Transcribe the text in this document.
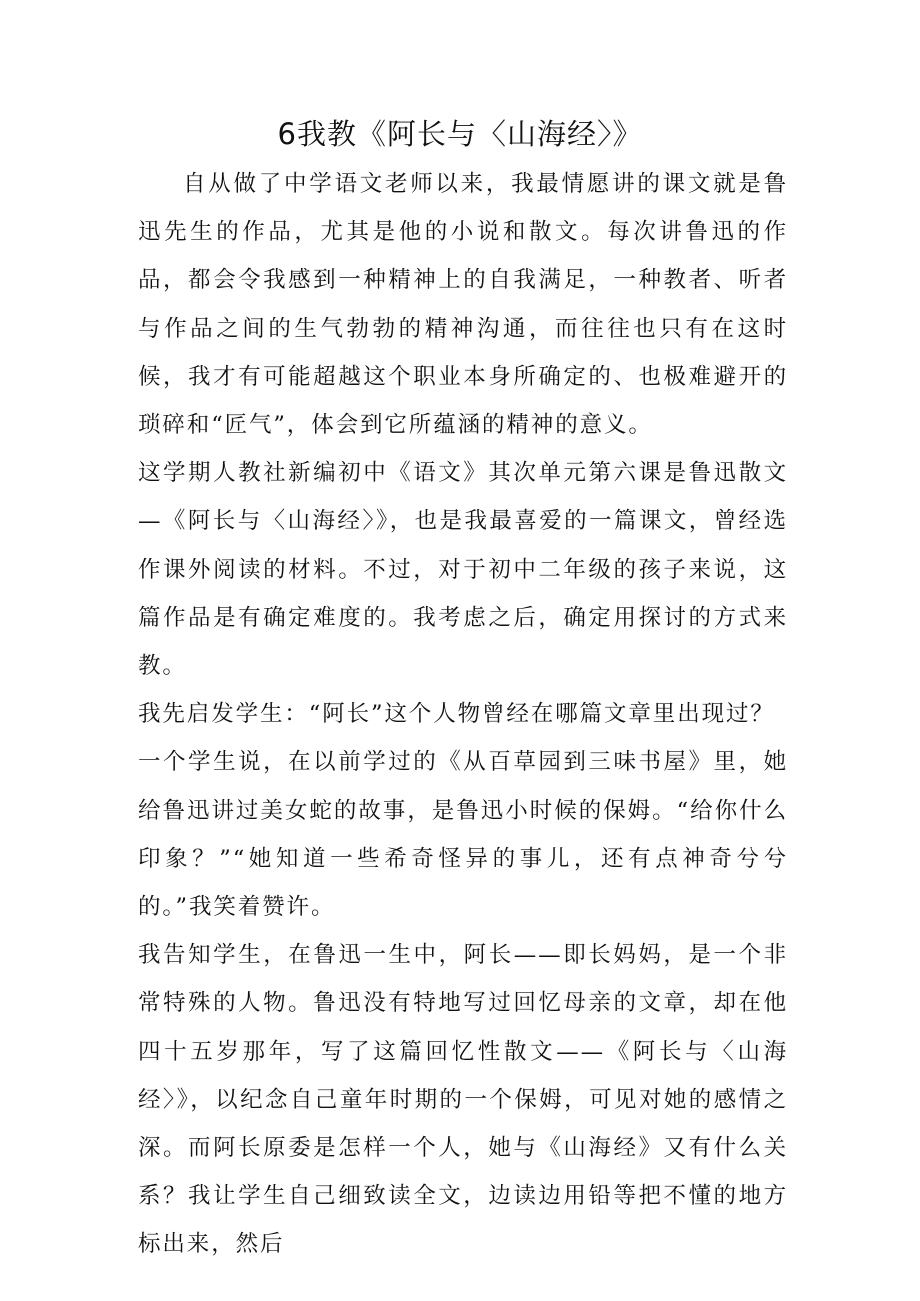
6我教《阿长与〈山海经〉》

自从做了中学语文老师以来，我最情愿讲的课文就是鲁迅先生的作品，尤其是他的小说和散文。每次讲鲁迅的作品，都会令我感到一种精神上的自我满足，一种教者、听者与作品之间的生气勃勃的精神沟通，而往往也只有在这时候，我才有可能超越这个职业本身所确定的、也极难避开的琐碎和“匠气”，体会到它所蕴涵的精神的意义。

这学期人教社新编初中《语文》其次单元第六课是鲁迅散文—《阿长与〈山海经〉》，也是我最喜爱的一篇课文，曾经选作课外阅读的材料。不过，对于初中二年级的孩子来说，这篇作品是有确定难度的。我考虑之后，确定用探讨的方式来教。

我先启发学生：“阿长”这个人物曾经在哪篇文章里出现过？

一个学生说，在以前学过的《从百草园到三味书屋》里，她给鲁迅讲过美女蛇的故事，是鲁迅小时候的保姆。“给你什么印象？”“她知道一些希奇怪异的事儿，还有点神奇兮兮的。”我笑着赞许。

我告知学生，在鲁迅一生中，阿长——即长妈妈，是一个非常特殊的人物。鲁迅没有特地写过回忆母亲的文章，却在他四十五岁那年，写了这篇回忆性散文——《阿长与〈山海经〉》，以纪念自己童年时期的一个保姆，可见对她的感情之深。而阿长原委是怎样一个人，她与《山海经》又有什么关系？我让学生自己细致读全文，边读边用铅等把不懂的地方标出来，然后
